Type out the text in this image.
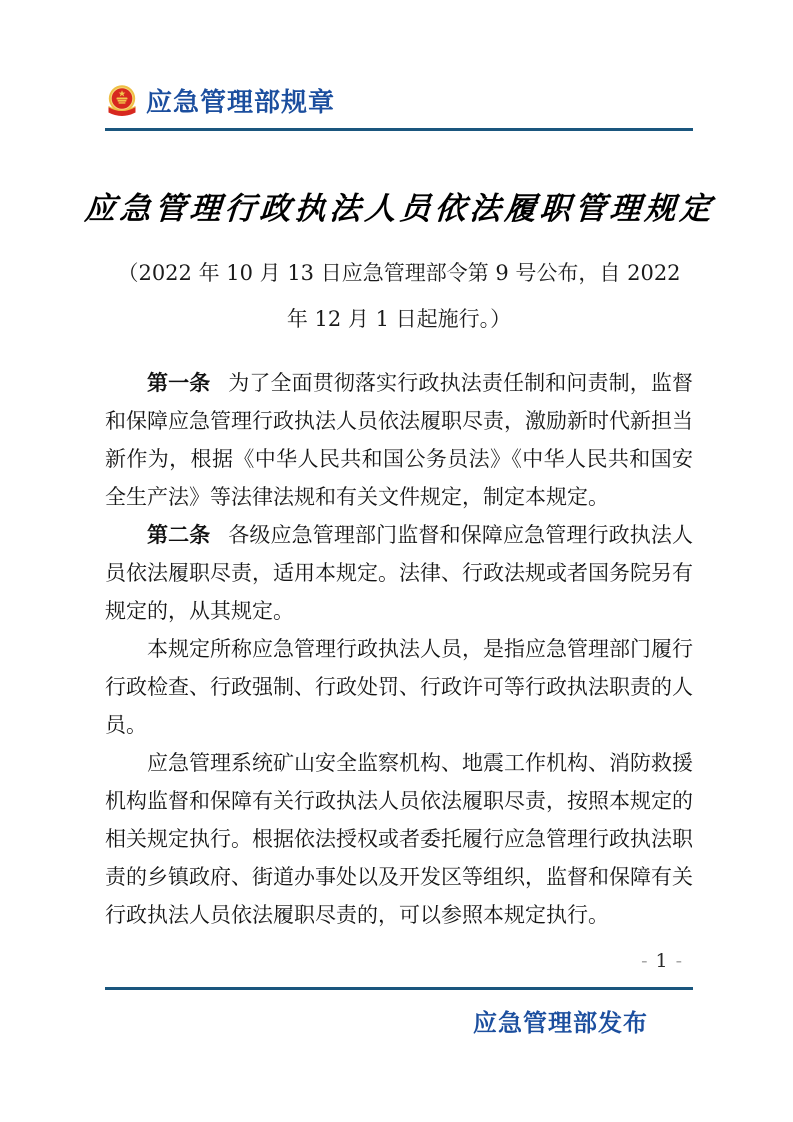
应急管理部规章
应急管理行政执法人员依法履职管理规定
（2022 年 10 月 13 日应急管理部令第 9 号公布，自 2022 年 12 月 1 日起施行。）

第一条 为了全面贯彻落实行政执法责任制和问责制，监督和保障应急管理行政执法人员依法履职尽责，激励新时代新担当新作为，根据《中华人民共和国公务员法》《中华人民共和国安全生产法》等法律法规和有关文件规定，制定本规定。

第二条 各级应急管理部门监督和保障应急管理行政执法人员依法履职尽责，适用本规定。法律、行政法规或者国务院另有规定的，从其规定。

本规定所称应急管理行政执法人员，是指应急管理部门履行行政检查、行政强制、行政处罚、行政许可等行政执法职责的人员。

应急管理系统矿山安全监察机构、地震工作机构、消防救援机构监督和保障有关行政执法人员依法履职尽责，按照本规定的相关规定执行。根据依法授权或者委托履行应急管理行政执法职责的乡镇政府、街道办事处以及开发区等组织，监督和保障有关行政执法人员依法履职尽责的，可以参照本规定执行。

- 1 -
应急管理部发布
